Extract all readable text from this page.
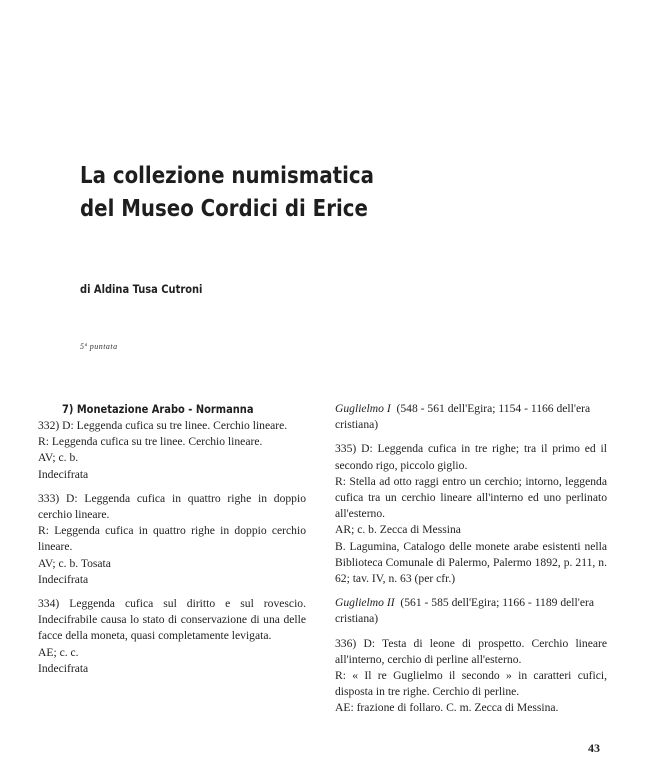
La collezione numismatica
del Museo Cordici di Erice

di Aldina Tusa Cutroni

5ª puntata
7) Monetazione Arabo - Normanna

332) D: Leggenda cufica su tre linee. Cerchio lineare.

R: Leggenda cufica su tre linee. Cerchio lineare.

AV; c. b.

Indecifrata

333) D: Leggenda cufica in quattro righe in doppio cerchio lineare.

R: Leggenda cufica in quattro righe in doppio cerchio lineare.

AV; c. b. Tosata

Indecifrata

334) Leggenda cufica sul diritto e sul rovescio. Indecifrabile causa lo stato di conservazione di una delle facce della moneta, quasi completamente levigata.

AE; c. c.

Indecifrata

Guglielmo I (548 - 561 dell'Egira; 1154 - 1166 dell'era cristiana)

335) D: Leggenda cufica in tre righe; tra il primo ed il secondo rigo, piccolo giglio.

R: Stella ad otto raggi entro un cerchio; intorno, leggenda cufica tra un cerchio lineare all'interno ed uno perlinato all'esterno.

AR; c. b. Zecca di Messina

B. Lagumina, Catalogo delle monete arabe esistenti nella Biblioteca Comunale di Palermo, Palermo 1892, p. 211, n. 62; tav. IV, n. 63 (per cfr.)

Guglielmo II (561 - 585 dell'Egira; 1166 - 1189 dell'era cristiana)

336) D: Testa di leone di prospetto. Cerchio lineare all'interno, cerchio di perline all'esterno.

R: « Il re Guglielmo il secondo » in caratteri cufici, disposta in tre righe. Cerchio di perline.

AE: frazione di follaro. C. m. Zecca di Messina.

43
